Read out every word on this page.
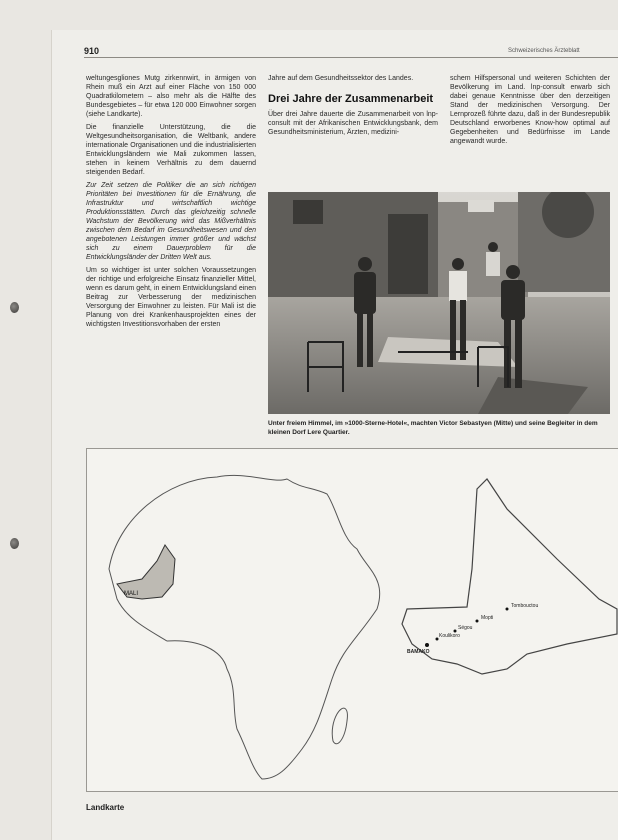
910	Schweizerisches Ärzteblatt

weltungesgliones Mutg zirkennwirt, in ärmigen von Rhein muß ein Arzt auf einer Fläche von 150 000 Quadratkilometern – also mehr als die Hälfte des Bundesgebietes – für etwa 120 000 Einwohner sorgen (siehe Landkarte).

Die finanzielle Unterstützung, die die Weltgesundheitsorganisation, die Weltbank, andere internationale Organisationen und die industrialisierten Entwicklungsländern wie Mali zukommen lassen, stehen in keinem Verhältnis zu dem dauernd steigenden Bedarf.

Zur Zeit setzen die Politiker die an sich richtigen Prioritäten bei Investitionen für die Ernährung, die Infrastruktur und wirtschaftlich wichtige Produktionsstätten. Durch das gleichzeitig schnelle Wachstum der Bevölkerung wird das Mißverhältnis zwischen dem Bedarf im Gesundheitswesen und den angebotenen Leistungen immer größer und wächst sich zu einem Dauerproblem für die Entwicklungsländer der Dritten Welt aus.

Um so wichtiger ist unter solchen Voraussetzungen der richtige und erfolgreiche Einsatz finanzieller Mittel, wenn es darum geht, in einem Entwicklungsland einen Beitrag zur Verbesserung der medizinischen Versorgung der Einwohner zu leisten. Für Mali ist die Planung von drei Krankenhausprojekten eines der wichtigsten Investitionsvorhaben der ersten

Jahre auf dem Gesundheitssektor des Landes.

Drei Jahre der Zusammenarbeit

Über drei Jahre dauerte die Zusammenarbeit von lnp-consult mit der Afrikanischen Entwicklungsbank, dem Gesundheitsministerium, Ärzten, medizini-

schem Hilfspersonal und weiteren Schichten der Bevölkerung im Land. lnp-consult erwarb sich dabei genaue Kenntnisse über den derzeitigen Stand der medizinischen Versorgung. Der Lernprozeß führte dazu, daß in der Bundesrepublik Deutschland erworbenes Know-how optimal auf Gegebenheiten und Bedürfnisse im Lande angewandt wurde.

Unter freiem Himmel, im »1000-Sterne-Hotel«, machten Victor Sebastyen (Mitte) und seine Begleiter in dem kleinen Dorf Lere Quartier.
MALI
Tombouctou
Mopti
Ségou
Koulikoro
BAMAKO
Landkarte
